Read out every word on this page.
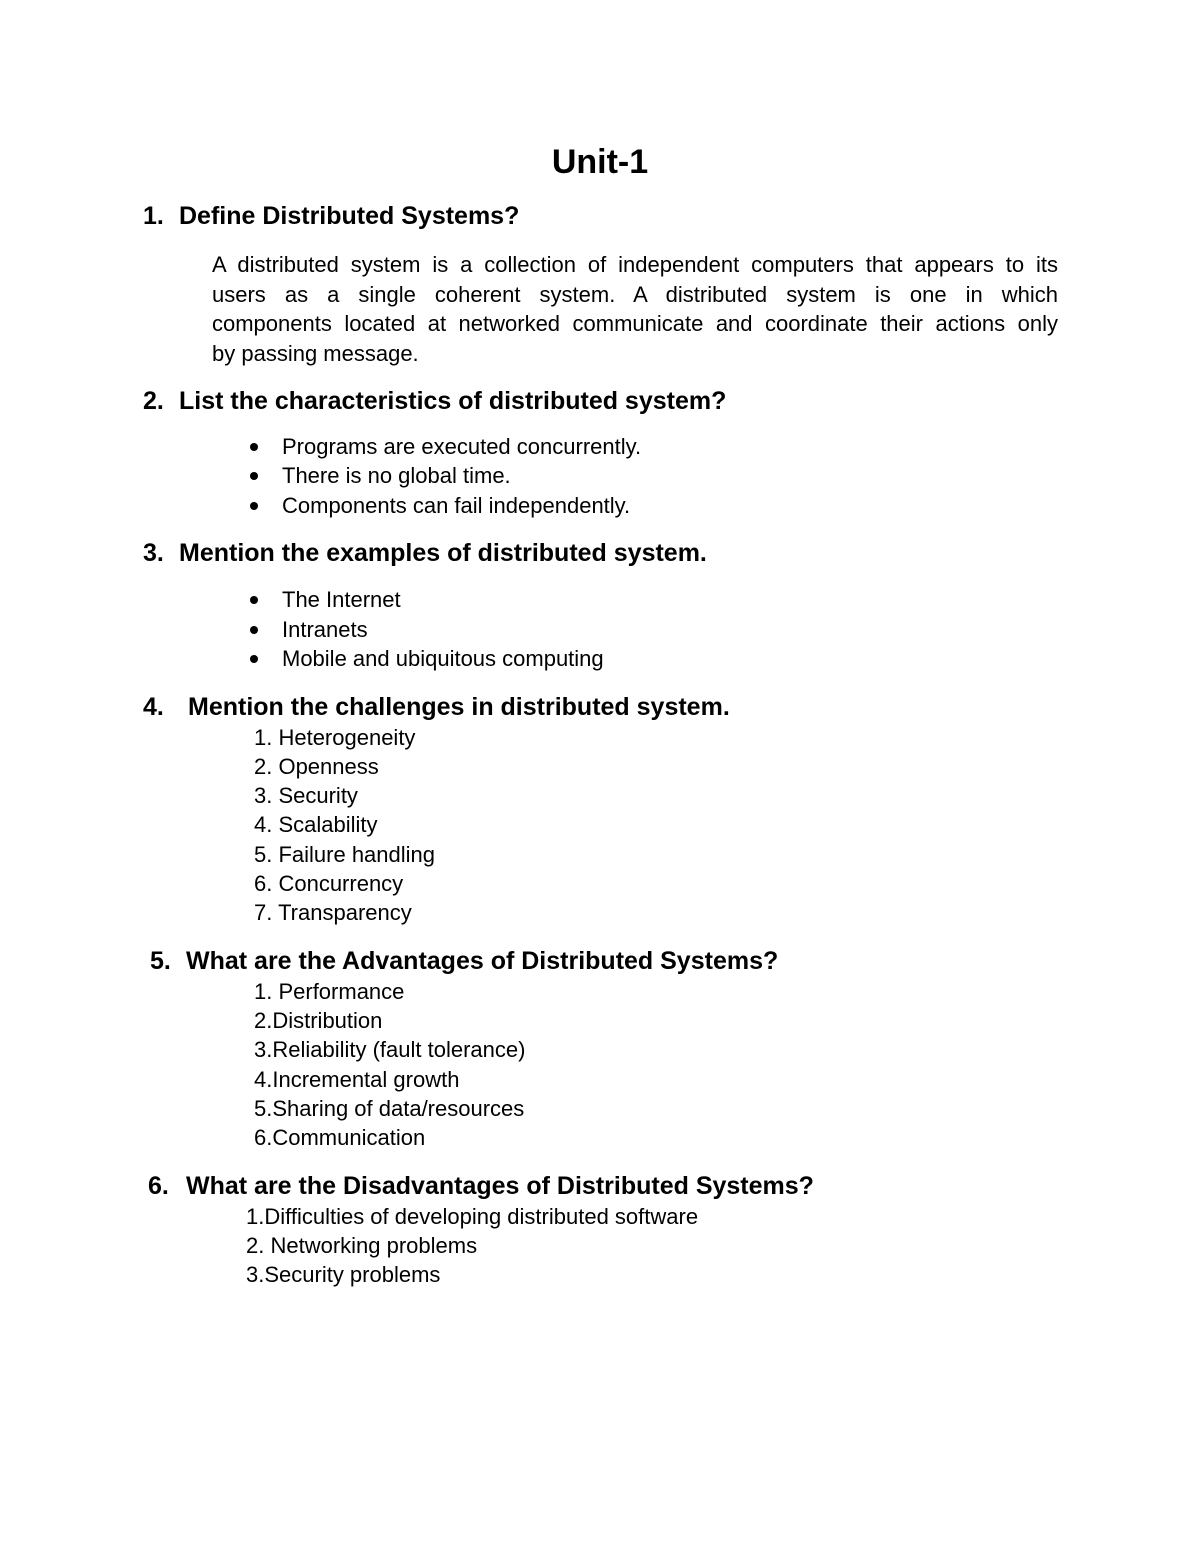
Unit-1
1. Define Distributed Systems?
A distributed system is a collection of independent computers that appears to its
users as a single coherent system. A distributed system is one in which
components located at networked communicate and coordinate their actions only
by passing message.
2. List the characteristics of distributed system?
Programs are executed concurrently.
There is no global time.
Components can fail independently.
3. Mention the examples of distributed system.
The Internet
Intranets
Mobile and ubiquitous computing
4. Mention the challenges in distributed system.
1. Heterogeneity
2. Openness
3. Security
4. Scalability
5. Failure handling
6. Concurrency
7. Transparency
5. What are the Advantages of Distributed Systems?
1. Performance
2.Distribution
3.Reliability (fault tolerance)
4.Incremental growth
5.Sharing of data/resources
6.Communication
6. What are the Disadvantages of Distributed Systems?
1.Difficulties of developing distributed software
2. Networking problems
3.Security problems
